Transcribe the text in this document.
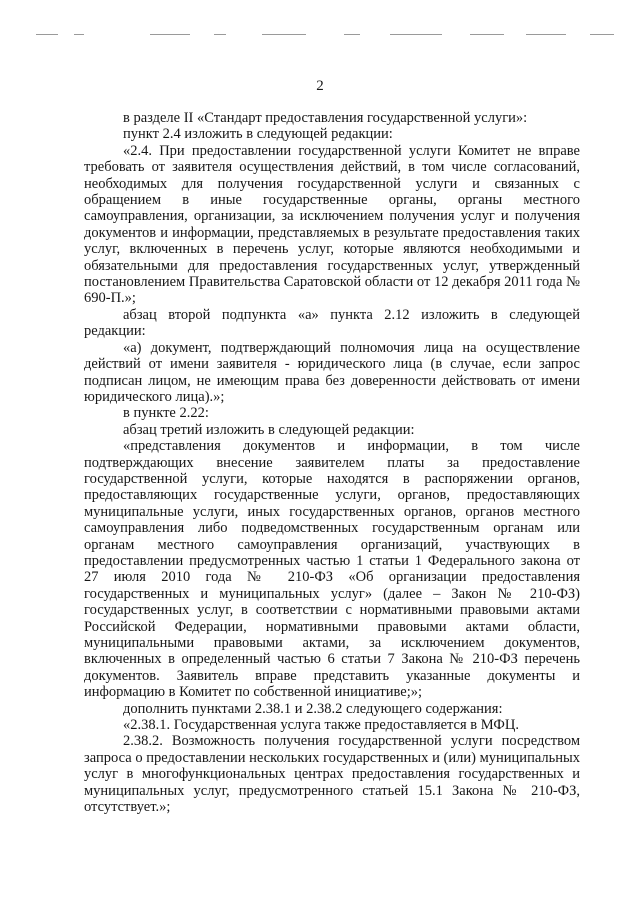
2

в разделе II «Стандарт предоставления государственной услуги»:

пункт 2.4 изложить в следующей редакции:

«2.4. При предоставлении государственной услуги Комитет не вправе требовать от заявителя осуществления действий, в том числе согласований, необходимых для получения государственной услуги и связанных с обращением в иные государственные органы, органы местного самоуправления, организации, за исключением получения услуг и получения документов и информации, представляемых в результате предоставления таких услуг, включенных в перечень услуг, которые являются необходимыми и обязательными для предоставления государственных услуг, утвержденный постановлением Правительства Саратовской области от 12 декабря 2011 года № 690-П.»;

абзац второй подпункта «а» пункта 2.12 изложить в следующей редакции:

«а) документ, подтверждающий полномочия лица на осуществление действий от имени заявителя - юридического лица (в случае, если запрос подписан лицом, не имеющим права без доверенности действовать от имени юридического лица).»;

в пункте 2.22:

абзац третий изложить в следующей редакции:

«представления документов и информации, в том числе подтверждающих внесение заявителем платы за предоставление государственной услуги, которые находятся в распоряжении органов, предоставляющих государственные услуги, органов, предоставляющих муниципальные услуги, иных государственных органов, органов местного самоуправления либо подведомственных государственным органам или органам местного самоуправления организаций, участвующих в предоставлении предусмотренных частью 1 статьи 1 Федерального закона от 27 июля 2010 года № 210-ФЗ «Об организации предоставления государственных и муниципальных услуг» (далее – Закон № 210-ФЗ) государственных услуг, в соответствии с нормативными правовыми актами Российской Федерации, нормативными правовыми актами области, муниципальными правовыми актами, за исключением документов, включенных в определенный частью 6 статьи 7 Закона № 210-ФЗ перечень документов. Заявитель вправе представить указанные документы и информацию в Комитет по собственной инициативе;»;

дополнить пунктами 2.38.1 и 2.38.2 следующего содержания:

«2.38.1. Государственная услуга также предоставляется в МФЦ.

2.38.2. Возможность получения государственной услуги посредством запроса о предоставлении нескольких государственных и (или) муниципальных услуг в многофункциональных центрах предоставления государственных и муниципальных услуг, предусмотренного статьей 15.1 Закона № 210-ФЗ, отсутствует.»;
